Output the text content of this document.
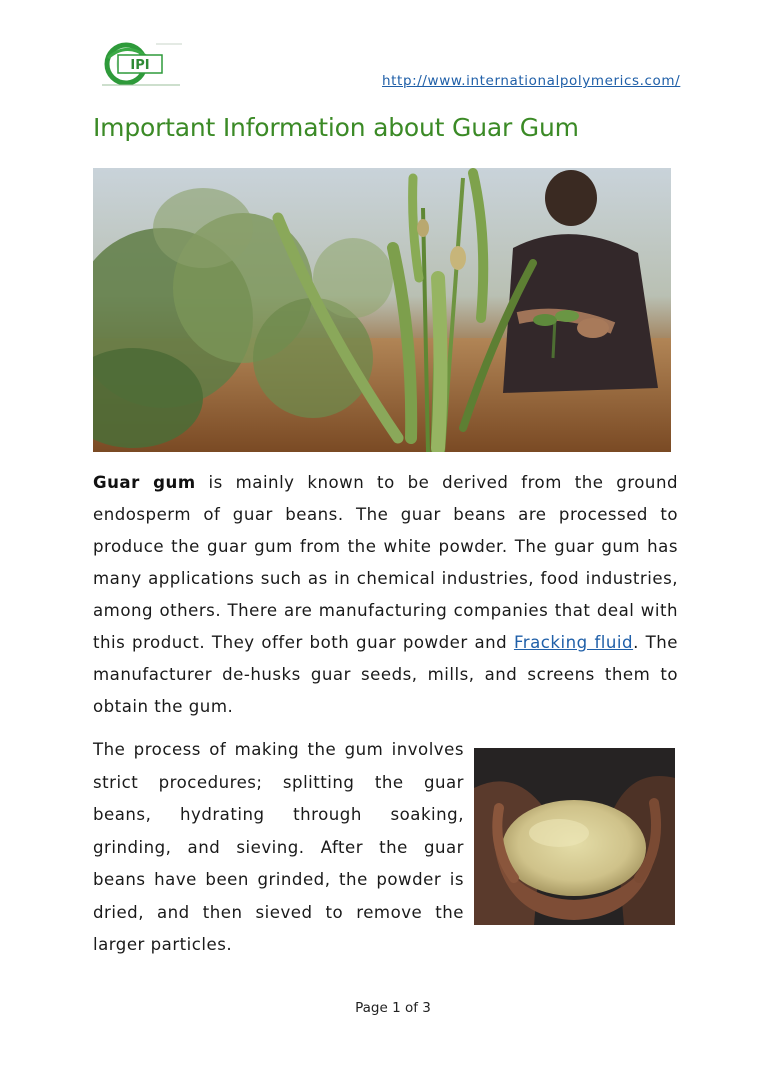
IPI
http://www.internationalpolymerics.com/
Important Information about Guar Gum

Guar gum is mainly known to be derived from the ground endosperm of guar beans. The guar beans are processed to produce the guar gum from the white powder. The guar gum has many applications such as in chemical industries, food industries, among others. There are manufacturing companies that deal with this product. They offer both guar powder and Fracking fluid. The manufacturer de-husks guar seeds, mills, and screens them to obtain the gum.

The process of making the gum involves strict procedures; splitting the guar beans, hydrating through soaking, grinding, and sieving. After the guar beans have been grinded, the powder is dried, and then sieved to remove the larger particles.

Page 1 of 3
